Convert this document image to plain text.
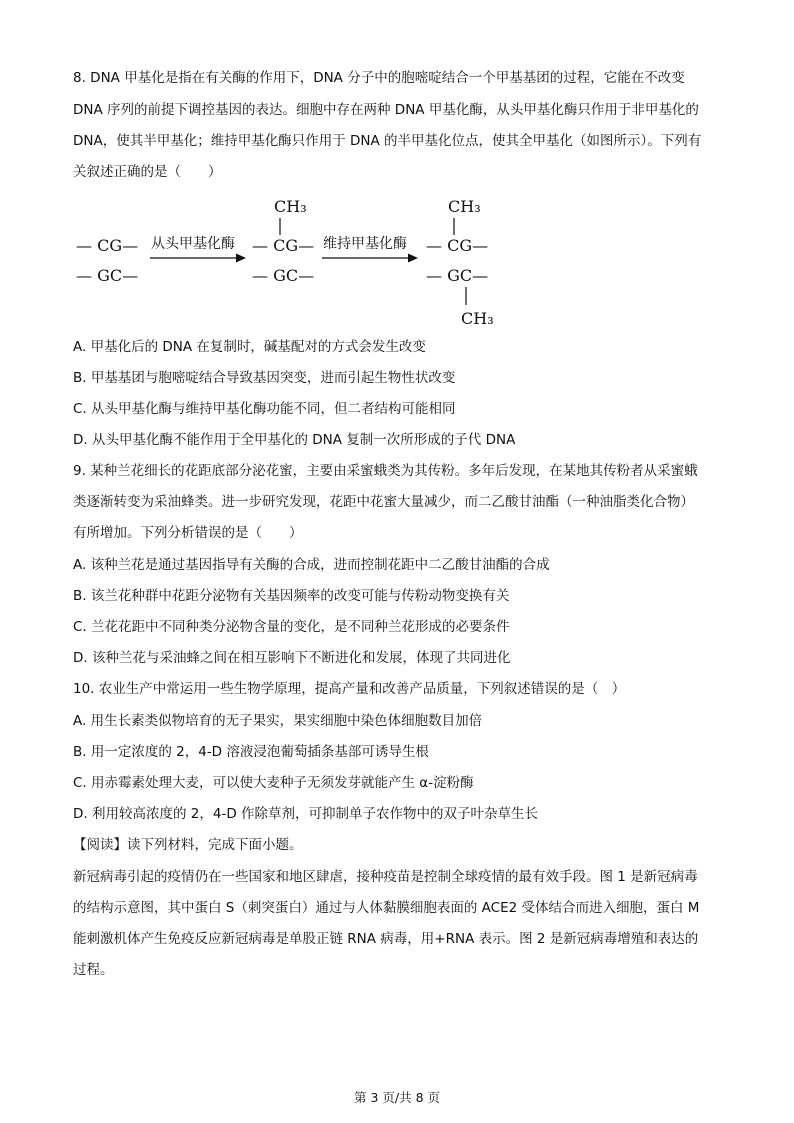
8. DNA 甲基化是指在有关酶的作用下，DNA 分子中的胞嘧啶结合一个甲基基团的过程，它能在不改变
DNA 序列的前提下调控基因的表达。细胞中存在两种 DNA 甲基化酶，从头甲基化酶只作用于非甲基化的
DNA，使其半甲基化；维持甲基化酶只作用于 DNA 的半甲基化位点，使其全甲基化（如图所示）。下列有
关叙述正确的是（　　）
— CG—
— GC—
从头甲基化酶
CH₃
— CG—
— GC—
维持甲基化酶
CH₃
— CG—
— GC—
CH₃
A. 甲基化后的 DNA 在复制时，碱基配对的方式会发生改变
B. 甲基基团与胞嘧啶结合导致基因突变，进而引起生物性状改变
C. 从头甲基化酶与维持甲基化酶功能不同，但二者结构可能相同
D. 从头甲基化酶不能作用于全甲基化的 DNA 复制一次所形成的子代 DNA
9. 某种兰花细长的花距底部分泌花蜜，主要由采蜜蛾类为其传粉。多年后发现，在某地其传粉者从采蜜蛾
类逐渐转变为采油蜂类。进一步研究发现，花距中花蜜大量减少，而二乙酸甘油酯（一种油脂类化合物）
有所增加。下列分析错误的是（　　）
A. 该种兰花是通过基因指导有关酶的合成，进而控制花距中二乙酸甘油酯的合成
B. 该兰花种群中花距分泌物有关基因频率的改变可能与传粉动物变换有关
C. 兰花花距中不同种类分泌物含量的变化，是不同种兰花形成的必要条件
D. 该种兰花与采油蜂之间在相互影响下不断进化和发展，体现了共同进化
10. 农业生产中常运用一些生物学原理，提高产量和改善产品质量，下列叙述错误的是（　）
A. 用生长素类似物培育的无子果实，果实细胞中染色体细胞数目加倍
B. 用一定浓度的 2，4-D 溶液浸泡葡萄插条基部可诱导生根
C. 用赤霉素处理大麦，可以使大麦种子无须发芽就能产生 α-淀粉酶
D. 利用较高浓度的 2，4-D 作除草剂，可抑制单子农作物中的双子叶杂草生长
【阅读】读下列材料，完成下面小题。
新冠病毒引起的疫情仍在一些国家和地区肆虐，接种疫苗是控制全球疫情的最有效手段。图 1 是新冠病毒
的结构示意图，其中蛋白 S（刺突蛋白）通过与人体黏膜细胞表面的 ACE2 受体结合而进入细胞，蛋白 M
能刺激机体产生免疫反应新冠病毒是单股正链 RNA 病毒，用+RNA 表示。图 2 是新冠病毒增殖和表达的
过程。
第 3 页/共 8 页
